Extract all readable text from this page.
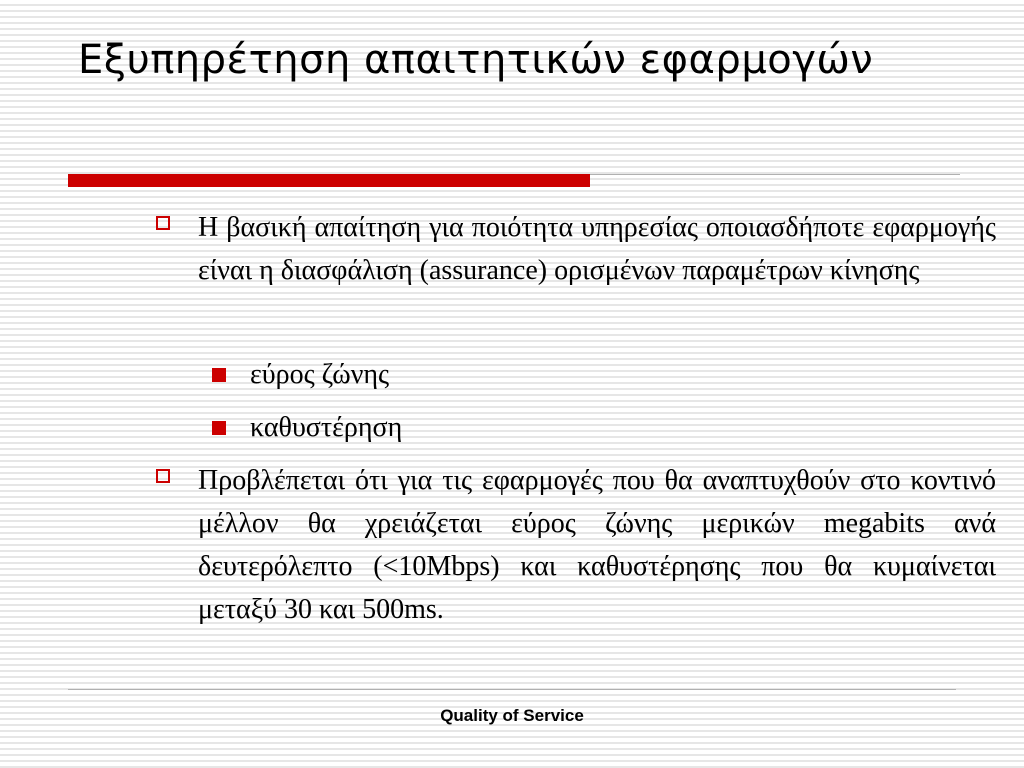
Εξυπηρέτηση απαιτητικών εφαρμογών
Η βασική απαίτηση για ποιότητα υπηρεσίας οποιασδήποτε εφαρμογής είναι η διασφάλιση (assurance) ορισμένων παραμέτρων κίνησης
εύρος ζώνης
καθυστέρηση
Προβλέπεται ότι για τις εφαρμογές που θα αναπτυχθούν στο κοντινό μέλλον θα χρειάζεται εύρος ζώνης μερικών megabits ανά δευτερόλεπτο (<10Mbps) και καθυστέρησης που θα κυμαίνεται μεταξύ 30 και 500ms.
Quality of Service
